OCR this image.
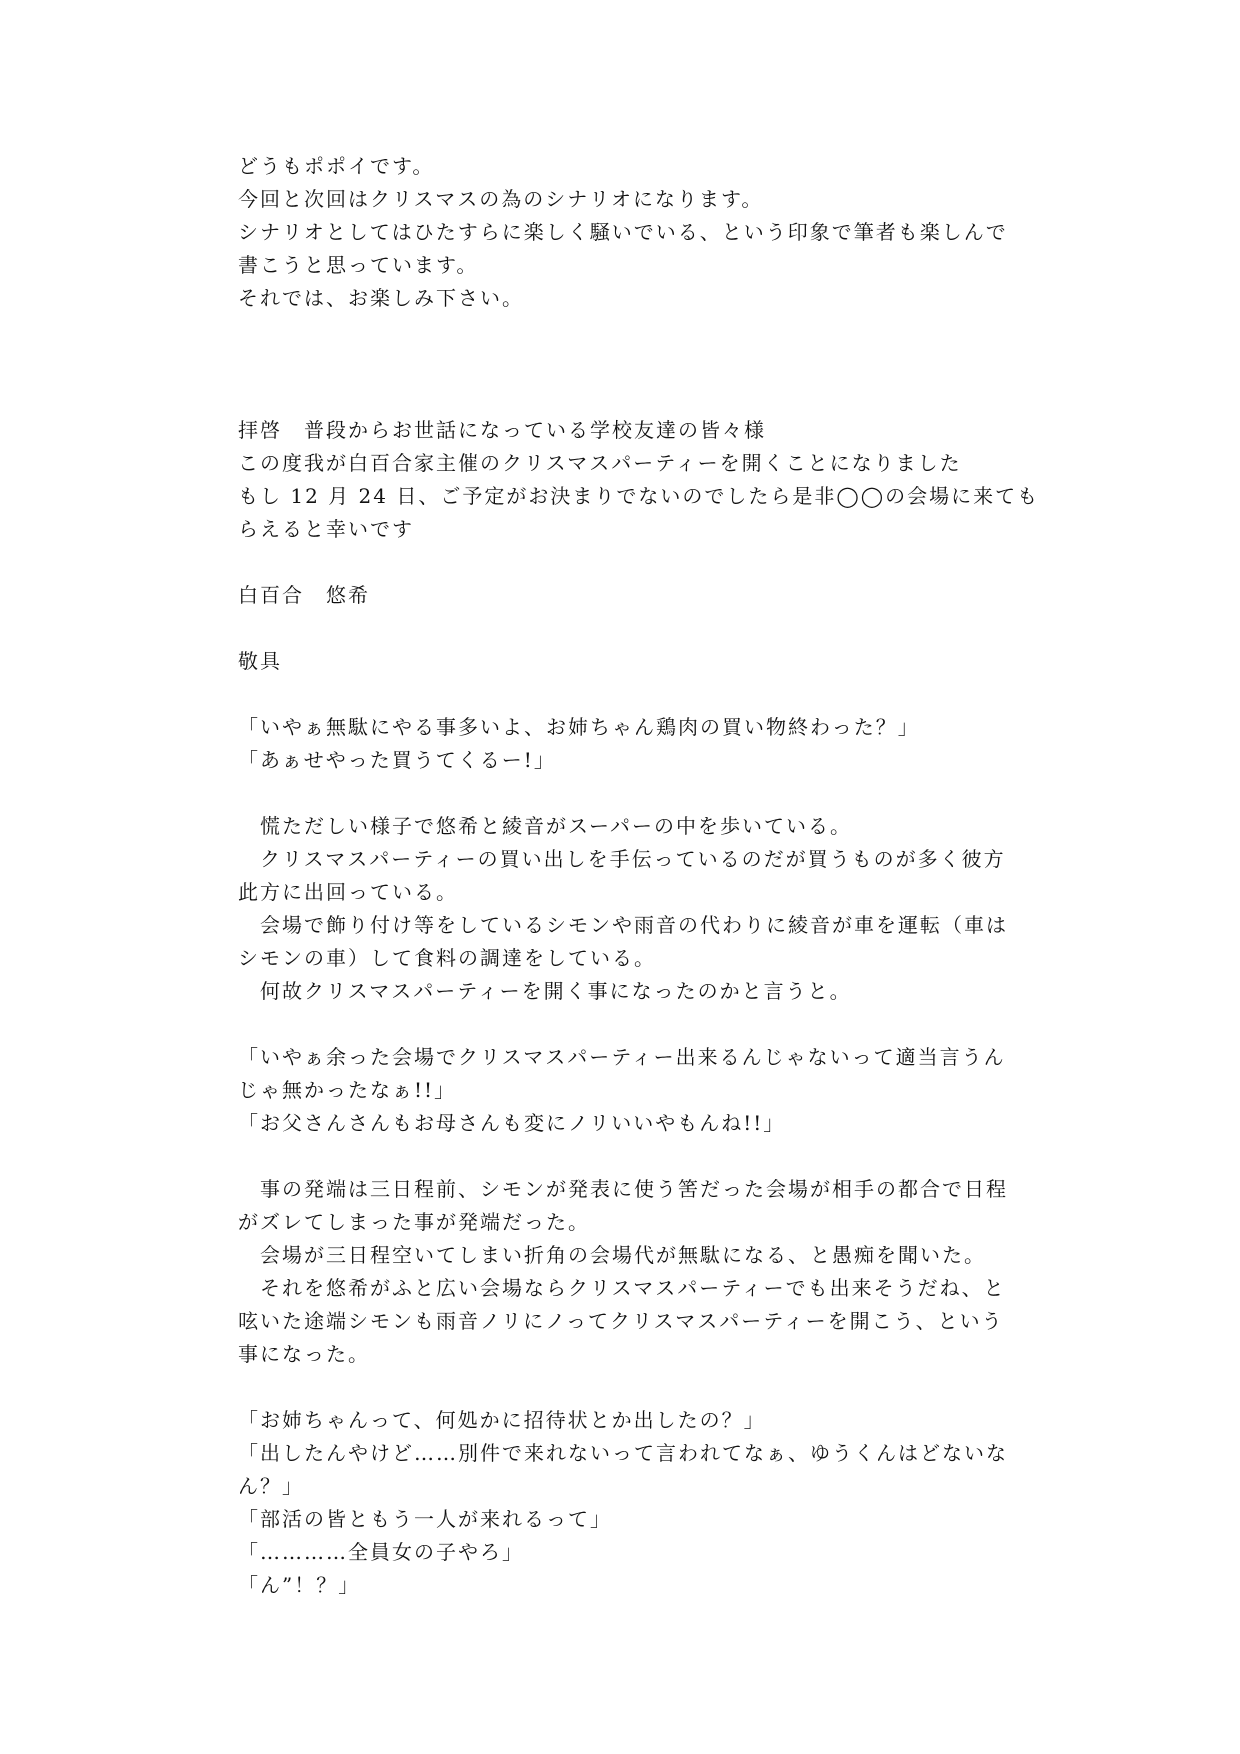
どうもポポイです。
今回と次回はクリスマスの為のシナリオになります。
シナリオとしてはひたすらに楽しく騒いでいる、という印象で筆者も楽しんで
書こうと思っています。
それでは、お楽しみ下さい。
拝啓　普段からお世話になっている学校友達の皆々様
この度我が白百合家主催のクリスマスパーティーを開くことになりました
もし 12 月 24 日、ご予定がお決まりでないのでしたら是非◯◯の会場に来ても
らえると幸いです
白百合　悠希
敬具
「いやぁ無駄にやる事多いよ、お姉ちゃん鶏肉の買い物終わった？」
「あぁせやった買うてくるー!」
　慌ただしい様子で悠希と綾音がスーパーの中を歩いている。
　クリスマスパーティーの買い出しを手伝っているのだが買うものが多く彼方
此方に出回っている。
　会場で飾り付け等をしているシモンや雨音の代わりに綾音が車を運転（車は
シモンの車）して食料の調達をしている。
　何故クリスマスパーティーを開く事になったのかと言うと。
「いやぁ余った会場でクリスマスパーティー出来るんじゃないって適当言うん
じゃ無かったなぁ!!」
「お父さんさんもお母さんも変にノリいいやもんね!!」
　事の発端は三日程前、シモンが発表に使う筈だった会場が相手の都合で日程
がズレてしまった事が発端だった。
　会場が三日程空いてしまい折角の会場代が無駄になる、と愚痴を聞いた。
　それを悠希がふと広い会場ならクリスマスパーティーでも出来そうだね、と
呟いた途端シモンも雨音ノリにノってクリスマスパーティーを開こう、という
事になった。
「お姉ちゃんって、何処かに招待状とか出したの？」
「出したんやけど……別件で来れないって言われてなぁ、ゆうくんはどないな
ん？」
「部活の皆ともう一人が来れるって」
「…………全員女の子やろ」
「ん”！？」
